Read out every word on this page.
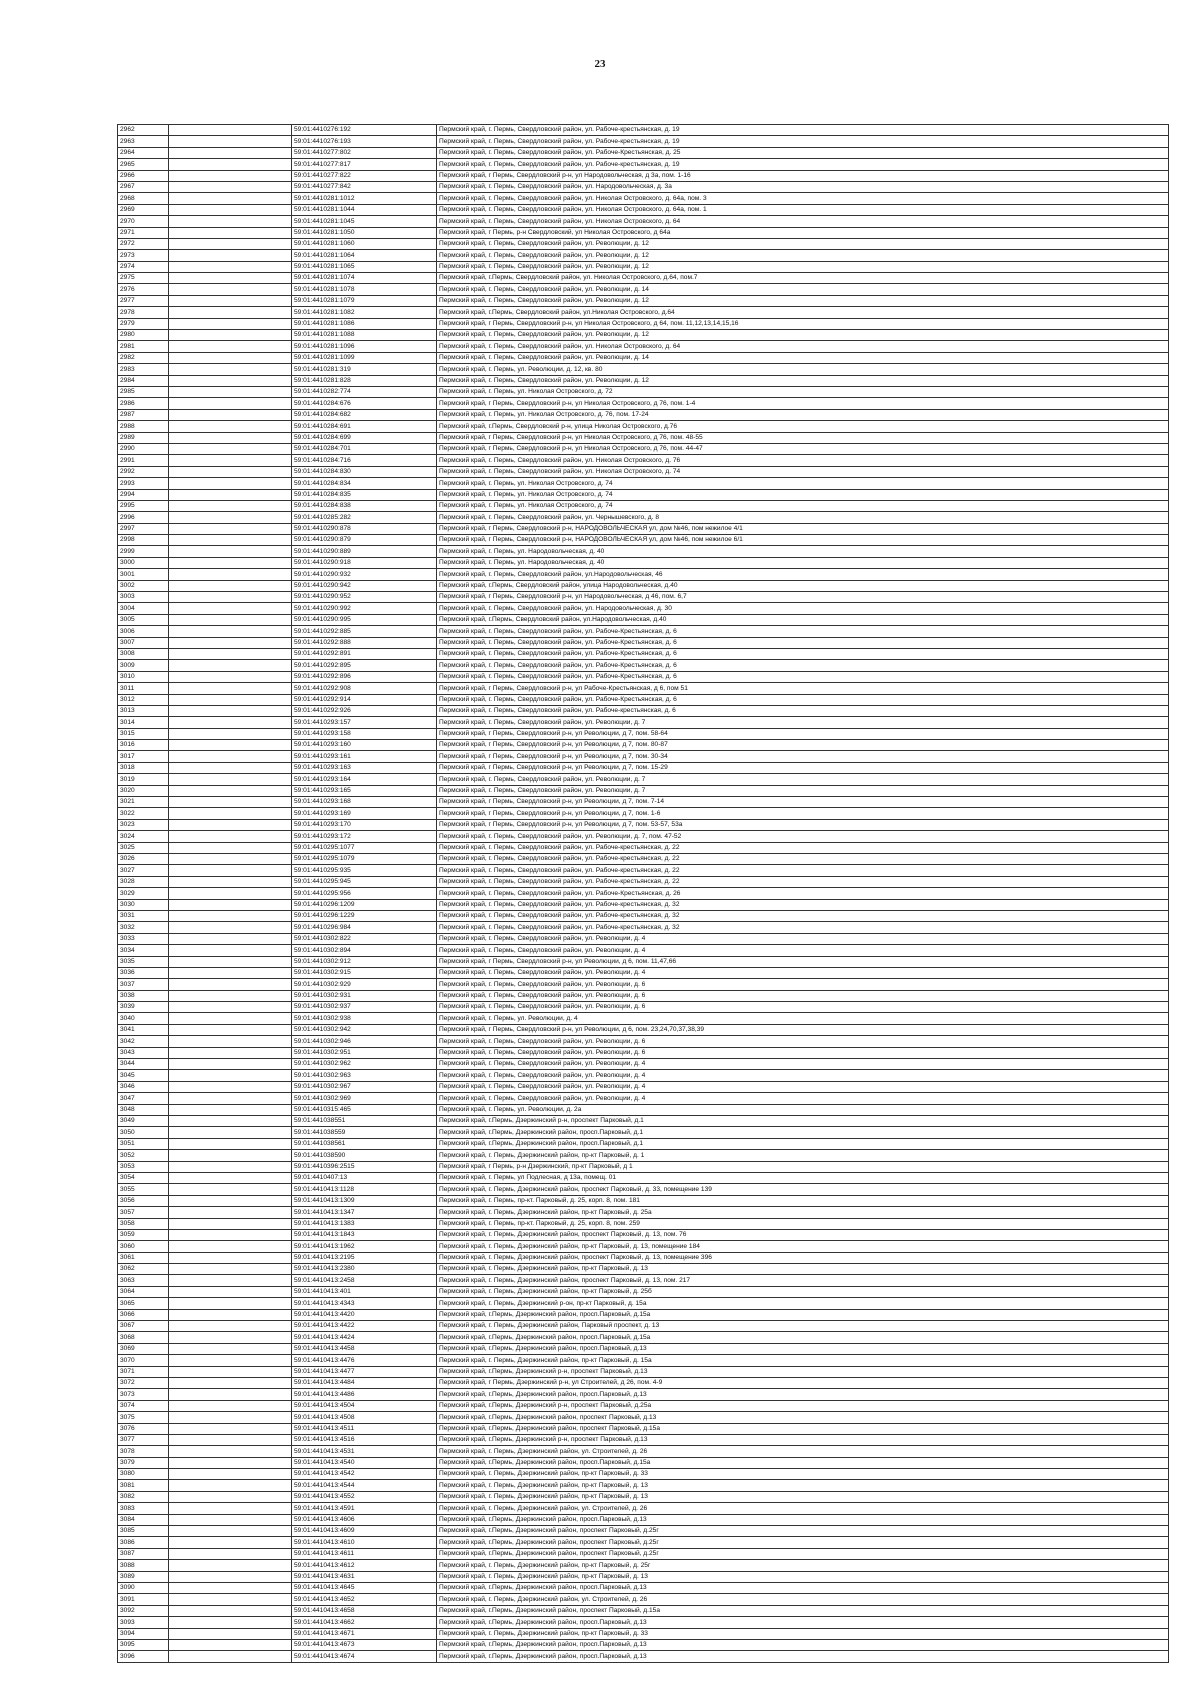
23
2962		59:01:4410276:192	Пермский край, г. Пермь, Свердловский район, ул. Рабоче-крестьянская, д. 19
2963		59:01:4410276:193	Пермский край, г. Пермь, Свердловский район, ул. Рабоче-крестьянская, д. 19
2964		59:01:4410277:802	Пермский край, г. Пермь, Свердловский район, ул. Рабоче-Крестьянская, д. 25
2965		59:01:4410277:817	Пермский край, г. Пермь, Свердловский район, ул. Рабоче-крестьянская, д. 19
2966		59:01:4410277:822	Пермский край, г Пермь, Свердловский р-н, ул Народовольческая, д 3а, пом. 1-16
2967		59:01:4410277:842	Пермский край, г. Пермь, Свердловский район, ул. Народовольческая, д. 3а
2968		59:01:4410281:1012	Пермский край, г. Пермь, Свердловский район, ул. Николая Островского, д. 64а, пом. 3
2969		59:01:4410281:1044	Пермский край, г. Пермь, Свердловский район, ул. Николая Островского, д. 64а, пом. 1
2970		59:01:4410281:1045	Пермский край, г. Пермь, Свердловский район, ул. Николая Островского, д. 64
2971		59:01:4410281:1050	Пермский край, г Пермь, р-н Свердловский, ул Николая Островского, д 64а
2972		59:01:4410281:1060	Пермский край, г. Пермь, Свердловский район, ул. Революции, д. 12
2973		59:01:4410281:1064	Пермский край, г. Пермь, Свердловский район, ул. Революции, д. 12
2974		59:01:4410281:1065	Пермский край, г. Пермь, Свердловский район, ул. Революции, д. 12
2975		59:01:4410281:1074	Пермский край, г.Пермь, Свердловский район, ул. Николая Островского, д.64, пом.7
2976		59:01:4410281:1078	Пермский край, г. Пермь, Свердловский район, ул. Революции, д. 14
2977		59:01:4410281:1079	Пермский край, г. Пермь, Свердловский район, ул. Революции, д. 12
2978		59:01:4410281:1082	Пермский край, г.Пермь, Свердловский район, ул.Николая Островского, д.64
2979		59:01:4410281:1086	Пермский край, г Пермь, Свердловский р-н, ул Николая Островского, д 64, пом. 11,12,13,14,15,16
2980		59:01:4410281:1088	Пермский край, г. Пермь, Свердловский район, ул. Революции, д. 12
2981		59:01:4410281:1096	Пермский край, г. Пермь, Свердловский район, ул. Николая Островского, д. 64
2982		59:01:4410281:1099	Пермский край, г. Пермь, Свердловский район, ул. Революции, д. 14
2983		59:01:4410281:319	Пермский край, г. Пермь, ул. Революции, д. 12, кв. 80
2984		59:01:4410281:828	Пермский край, г. Пермь, Свердловский район, ул. Революции, д. 12
2985		59:01:4410282:774	Пермский край, г. Пермь, ул. Николая Островского, д. 72
2986		59:01:4410284:676	Пермский край, г Пермь, Свердловский р-н, ул Николая Островского, д 76, пом. 1-4
2987		59:01:4410284:682	Пермский край, г. Пермь, ул. Николая Островского, д. 76, пом. 17-24
2988		59:01:4410284:691	Пермский край, г.Пермь, Свердловский р-н, улица Николая Островского, д.76
2989		59:01:4410284:699	Пермский край, г Пермь, Свердловский р-н, ул Николая Островского, д 76, пом. 48-55
2990		59:01:4410284:701	Пермский край, г Пермь, Свердловский р-н, ул Николая Островского, д 76, пом. 44-47
2991		59:01:4410284:716	Пермский край, г. Пермь, Свердловский район, ул. Николая Островского, д. 76
2992		59:01:4410284:830	Пермский край, г. Пермь, Свердловский район, ул. Николая Островского, д. 74
2993		59:01:4410284:834	Пермский край, г. Пермь, ул. Николая Островского, д. 74
2994		59:01:4410284:835	Пермский край, г. Пермь, ул. Николая Островского, д. 74
2995		59:01:4410284:838	Пермский край, г. Пермь, ул. Николая Островского, д. 74
2996		59:01:4410285:282	Пермский край, г. Пермь, Свердловский район, ул. Чернышевского, д. 8
2997		59:01:4410290:878	Пермский край, г Пермь, Свердловский р-н, НАРОДОВОЛЬЧЕСКАЯ ул, дом №46, пом нежилое 4/1
2998		59:01:4410290:879	Пермский край, г Пермь, Свердловский р-н, НАРОДОВОЛЬЧЕСКАЯ ул, дом №46, пом нежилое 6/1
2999		59:01:4410290:889	Пермский край, г. Пермь, ул. Народовольческая, д. 40
3000		59:01:4410290:918	Пермский край, г. Пермь, ул. Народовольческая, д. 40
3001		59:01:4410290:932	Пермский край, г. Пермь, Свердловский район, ул.Народовольческая, 46
3002		59:01:4410290:942	Пермский край, г.Пермь, Свердловский район, улица Народовольческая, д.40
3003		59:01:4410290:952	Пермский край, г Пермь, Свердловский р-н, ул Народовольческая, д 46, пом. 6,7
3004		59:01:4410290:992	Пермский край, г. Пермь, Свердловский район, ул. Народовольческая, д. 30
3005		59:01:4410290:995	Пермский край, г.Пермь, Свердловский район, ул.Народовольческая, д.40
3006		59:01:4410292:885	Пермский край, г. Пермь, Свердловский район, ул. Рабоче-Крестьянская, д. 6
3007		59:01:4410292:888	Пермский край, г. Пермь, Свердловский район, ул. Рабоче-Крестьянская, д. 6
3008		59:01:4410292:891	Пермский край, г. Пермь, Свердловский район, ул. Рабоче-Крестьянская, д. 6
3009		59:01:4410292:895	Пермский край, г. Пермь, Свердловский район, ул. Рабоче-Крестьянская, д. 6
3010		59:01:4410292:896	Пермский край, г. Пермь, Свердловский район, ул. Рабоче-Крестьянская, д. 6
3011		59:01:4410292:908	Пермский край, г Пермь, Свердловский р-н, ул Рабоче-Крестьянская, д 6, пом 51
3012		59:01:4410292:914	Пермский край, г. Пермь, Свердловский район, ул. Рабоче-Крестьянская, д. 6
3013		59:01:4410292:926	Пермский край, г. Пермь, Свердловский район, ул. Рабоче-крестьянская, д. 6
3014		59:01:4410293:157	Пермский край, г. Пермь, Свердловский район, ул. Революции, д. 7
3015		59:01:4410293:158	Пермский край, г Пермь, Свердловский р-н, ул Революции, д 7, пом. 58-64
3016		59:01:4410293:160	Пермский край, г Пермь, Свердловский р-н, ул Революции, д 7, пом. 80-87
3017		59:01:4410293:161	Пермский край, г Пермь, Свердловский р-н, ул Революции, д 7, пом. 30-34
3018		59:01:4410293:163	Пермский край, г Пермь, Свердловский р-н, ул Революции, д 7, пом. 15-29
3019		59:01:4410293:164	Пермский край, г. Пермь, Свердловский район, ул. Революции, д. 7
3020		59:01:4410293:165	Пермский край, г. Пермь, Свердловский район, ул. Революции, д. 7
3021		59:01:4410293:168	Пермский край, г Пермь, Свердловский р-н, ул Революции, д 7, пом. 7-14
3022		59:01:4410293:169	Пермский край, г Пермь, Свердловский р-н, ул Революции, д 7, пом. 1-6
3023		59:01:4410293:170	Пермский край, г Пермь, Свердловский р-н, ул Революции, д 7, пом. 53-57, 53а
3024		59:01:4410293:172	Пермский край, г. Пермь, Свердловский район, ул. Революции, д. 7, пом. 47-52
3025		59:01:4410295:1077	Пермский край, г. Пермь, Свердловский район, ул. Рабоче-крестьянская, д. 22
3026		59:01:4410295:1079	Пермский край, г. Пермь, Свердловский район, ул. Рабоче-крестьянская, д. 22
3027		59:01:4410295:935	Пермский край, г. Пермь, Свердловский район, ул. Рабоче-крестьянская, д. 22
3028		59:01:4410295:945	Пермский край, г. Пермь, Свердловский район, ул. Рабоче-крестьянская, д. 22
3029		59:01:4410295:956	Пермский край, г. Пермь, Свердловский район, ул. Рабоче-Крестьянская, д. 26
3030		59:01:4410296:1209	Пермский край, г. Пермь, Свердловский район, ул. Рабоче-крестьянская, д. 32
3031		59:01:4410296:1229	Пермский край, г. Пермь, Свердловский район, ул. Рабоче-крестьянская, д. 32
3032		59:01:4410296:984	Пермский край, г. Пермь, Свердловский район, ул. Рабоче-крестьянская, д. 32
3033		59:01:4410302:822	Пермский край, г. Пермь, Свердловский район, ул. Революции, д. 4
3034		59:01:4410302:894	Пермский край, г. Пермь, Свердловский район, ул. Революции, д. 4
3035		59:01:4410302:912	Пермский край, г Пермь, Свердловский р-н, ул Революции, д 6, пом. 11,47,66
3036		59:01:4410302:915	Пермский край, г. Пермь, Свердловский район, ул. Революции, д. 4
3037		59:01:4410302:929	Пермский край, г. Пермь, Свердловский район, ул. Революции, д. 6
3038		59:01:4410302:931	Пермский край, г. Пермь, Свердловский район, ул. Революции, д. 6
3039		59:01:4410302:937	Пермский край, г. Пермь, Свердловский район, ул. Революции, д. 6
3040		59:01:4410302:938	Пермский край, г. Пермь, ул. Революции, д. 4
3041		59:01:4410302:942	Пермский край, г Пермь, Свердловский р-н, ул Революции, д 6, пом. 23,24,70,37,38,39
3042		59:01:4410302:946	Пермский край, г. Пермь, Свердловский район, ул. Революции, д. 6
3043		59:01:4410302:951	Пермский край, г. Пермь, Свердловский район, ул. Революции, д. 6
3044		59:01:4410302:962	Пермский край, г. Пермь, Свердловский район, ул. Революции, д. 4
3045		59:01:4410302:963	Пермский край, г. Пермь, Свердловский район, ул. Революции, д. 4
3046		59:01:4410302:967	Пермский край, г. Пермь, Свердловский район, ул. Революции, д. 4
3047		59:01:4410302:969	Пермский край, г. Пермь, Свердловский район, ул. Революции, д. 4
3048		59:01:4410315:465	Пермский край, г. Пермь, ул. Революции, д. 2а
3049		59:01:441038551	Пермский край, г.Пермь, Дзержинский р-н, проспект Парковый, д.1
3050		59:01:441038559	Пермский край, г.Пермь, Дзержинский район, просп.Парковый, д.1
3051		59:01:441038561	Пермский край, г.Пермь, Дзержинский район, просп.Парковый, д.1
3052		59:01:441038590	Пермский край, г. Пермь, Дзержинский район, пр-кт Парковый, д. 1
3053		59:01:4410396:2515	Пермский край, г Пермь, р-н Дзержинский, пр-кт Парковый, д 1
3054		59:01:4410407:13	Пермский край, г. Пермь, ул Подлесная, д 13а, помещ. 01
3055		59:01:4410413:1128	Пермский край, г. Пермь, Дзержинский район, проспект Парковый, д. 33, помещение 139
3056		59:01:4410413:1309	Пермский край, г. Пермь, пр-кт. Парковый, д. 25, корп. 8, пом. 181
3057		59:01:4410413:1347	Пермский край, г. Пермь, Дзержинский район, пр-кт Парковый, д. 25а
3058		59:01:4410413:1383	Пермский край, г. Пермь, пр-кт. Парковый, д. 25, корп. 8, пом. 259
3059		59:01:4410413:1843	Пермский край, г. Пермь, Дзержинский район, проспект Парковый, д. 13, пом. 76
3060		59:01:4410413:1962	Пермский край, г. Пермь, Дзержинский район, пр-кт Парковый, д. 13, помещение 184
3061		59:01:4410413:2195	Пермский край, г. Пермь, Дзержинский район, проспект Парковый, д. 13, помещение 396
3062		59:01:4410413:2380	Пермский край, г. Пермь, Дзержинский район, пр-кт Парковый, д. 13
3063		59:01:4410413:2458	Пермский край, г. Пермь, Дзержинский район, проспект Парковый, д. 13, пом. 217
3064		59:01:4410413:401	Пермский край, г. Пермь, Дзержинский район, пр-кт Парковый, д. 25б
3065		59:01:4410413:4343	Пермский край, г. Пермь, Дзержинский р-он, пр-кт Парковый, д. 15а
3066		59:01:4410413:4420	Пермский край, г.Пермь, Дзержинский район, просп.Парковый, д.15а
3067		59:01:4410413:4422	Пермский край, г. Пермь, Дзержинский район, Парковый проспект, д. 13
3068		59:01:4410413:4424	Пермский край, г.Пермь, Дзержинский район, просп.Парковый, д.15а
3069		59:01:4410413:4458	Пермский край, г.Пермь, Дзержинский район, просп.Парковый, д.13
3070		59:01:4410413:4476	Пермский край, г. Пермь, Дзержинский район, пр-кт Парковый, д. 15а
3071		59:01:4410413:4477	Пермский край, г.Пермь, Дзержинский р-н, проспект Парковый, д.13
3072		59:01:4410413:4484	Пермский край, г Пермь, Дзержинский р-н, ул Строителей, д 26, пом. 4-9
3073		59:01:4410413:4486	Пермский край, г.Пермь, Дзержинский район, просп.Парковый, д.13
3074		59:01:4410413:4504	Пермский край, г.Пермь, Дзержинский р-н, проспект Парковый, д.25а
3075		59:01:4410413:4508	Пермский край, г.Пермь, Дзержинский район, проспект Парковый, д.13
3076		59:01:4410413:4511	Пермский край, г.Пермь, Дзержинский район, проспект Парковый, д.15а
3077		59:01:4410413:4516	Пермский край, г.Пермь, Дзержинский р-н, проспект Парковый, д.13
3078		59:01:4410413:4531	Пермский край, г. Пермь, Дзержинский район, ул. Строителей, д. 26
3079		59:01:4410413:4540	Пермский край, г.Пермь, Дзержинский район, просп.Парковый, д.15а
3080		59:01:4410413:4542	Пермский край, г. Пермь, Дзержинский район, пр-кт Парковый, д. 33
3081		59:01:4410413:4544	Пермский край, г. Пермь, Дзержинский район, пр-кт Парковый, д. 13
3082		59:01:4410413:4552	Пермский край, г. Пермь, Дзержинский район, пр-кт Парковый, д. 13
3083		59:01:4410413:4591	Пермский край, г. Пермь, Дзержинский район, ул. Строителей, д. 26
3084		59:01:4410413:4606	Пермский край, г.Пермь, Дзержинский район, просп.Парковый, д.13
3085		59:01:4410413:4609	Пермский край, г.Пермь, Дзержинский район, проспект Парковый, д.25г
3086		59:01:4410413:4610	Пермский край, г.Пермь, Дзержинский район, проспект Парковый, д.25г
3087		59:01:4410413:4611	Пермский край, г.Пермь, Дзержинский район, проспект Парковый, д.25г
3088		59:01:4410413:4612	Пермский край, г. Пермь, Дзержинский район, пр-кт Парковый, д. 25г
3089		59:01:4410413:4631	Пермский край, г. Пермь, Дзержинский район, пр-кт Парковый, д. 13
3090		59:01:4410413:4645	Пермский край, г.Пермь, Дзержинский район, просп.Парковый, д.13
3091		59:01:4410413:4652	Пермский край, г. Пермь, Дзержинский район, ул. Строителей, д. 26
3092		59:01:4410413:4658	Пермский край, г.Пермь, Дзержинский район, проспект Парковый, д.15а
3093		59:01:4410413:4662	Пермский край, г.Пермь, Дзержинский район, просп.Парковый, д.13
3094		59:01:4410413:4671	Пермский край, г. Пермь, Дзержинский район, пр-кт Парковый, д. 33
3095		59:01:4410413:4673	Пермский край, г.Пермь, Дзержинский район, просп.Парковый, д.13
3096		59:01:4410413:4674	Пермский край, г.Пермь, Дзержинский район, просп.Парковый, д.13
